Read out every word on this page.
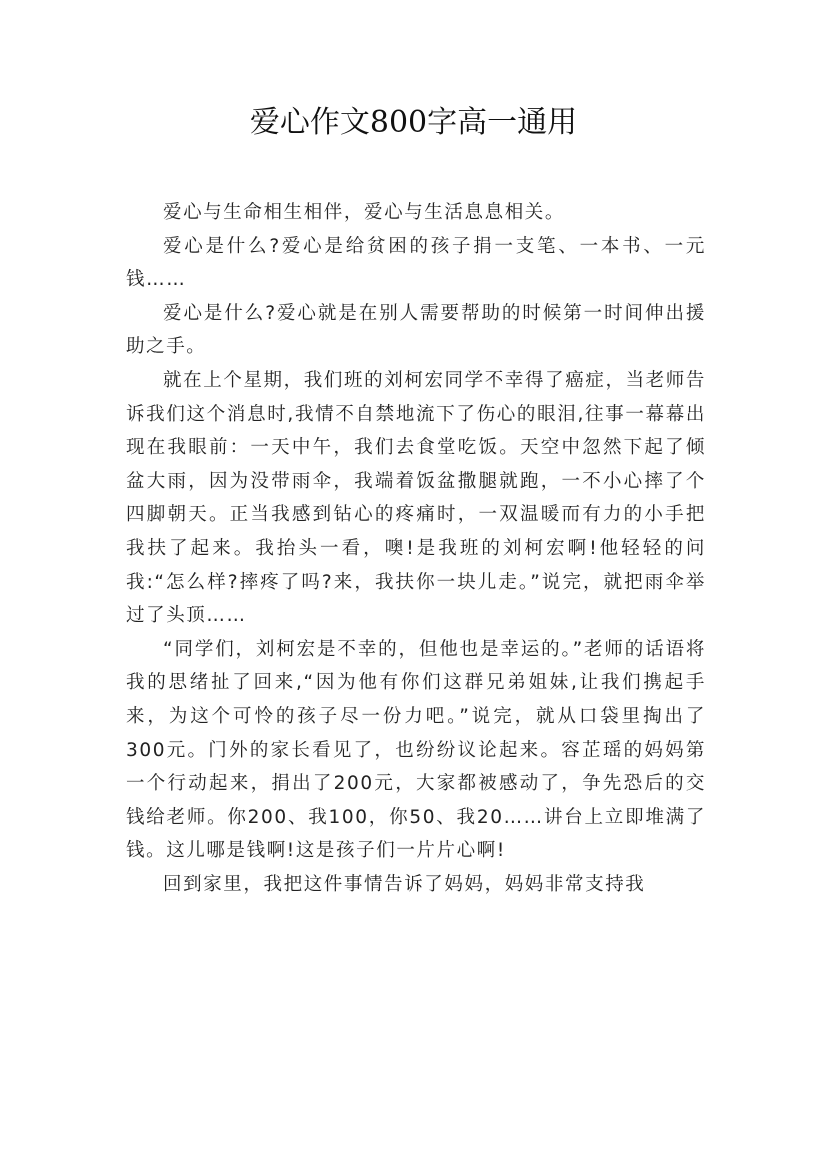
爱心作文800字高一通用

爱心与生命相生相伴，爱心与生活息息相关。

爱心是什么?爱心是给贫困的孩子捐一支笔、一本书、一元钱……

爱心是什么?爱心就是在别人需要帮助的时候第一时间伸出援助之手。

就在上个星期，我们班的刘柯宏同学不幸得了癌症，当老师告诉我们这个消息时,我情不自禁地流下了伤心的眼泪,往事一幕幕出现在我眼前：一天中午，我们去食堂吃饭。天空中忽然下起了倾盆大雨，因为没带雨伞，我端着饭盆撒腿就跑，一不小心摔了个四脚朝天。正当我感到钻心的疼痛时，一双温暖而有力的小手把我扶了起来。我抬头一看，噢!是我班的刘柯宏啊!他轻轻的问我:“怎么样?摔疼了吗?来，我扶你一块儿走。”说完，就把雨伞举过了头顶……

“同学们，刘柯宏是不幸的，但他也是幸运的。”老师的话语将我的思绪扯了回来,“因为他有你们这群兄弟姐妹,让我们携起手来，为这个可怜的孩子尽一份力吧。”说完，就从口袋里掏出了300元。门外的家长看见了，也纷纷议论起来。容芷瑶的妈妈第一个行动起来，捐出了200元，大家都被感动了，争先恐后的交钱给老师。你200、我100，你50、我20……讲台上立即堆满了钱。这儿哪是钱啊!这是孩子们一片片心啊!

回到家里，我把这件事情告诉了妈妈，妈妈非常支持我
